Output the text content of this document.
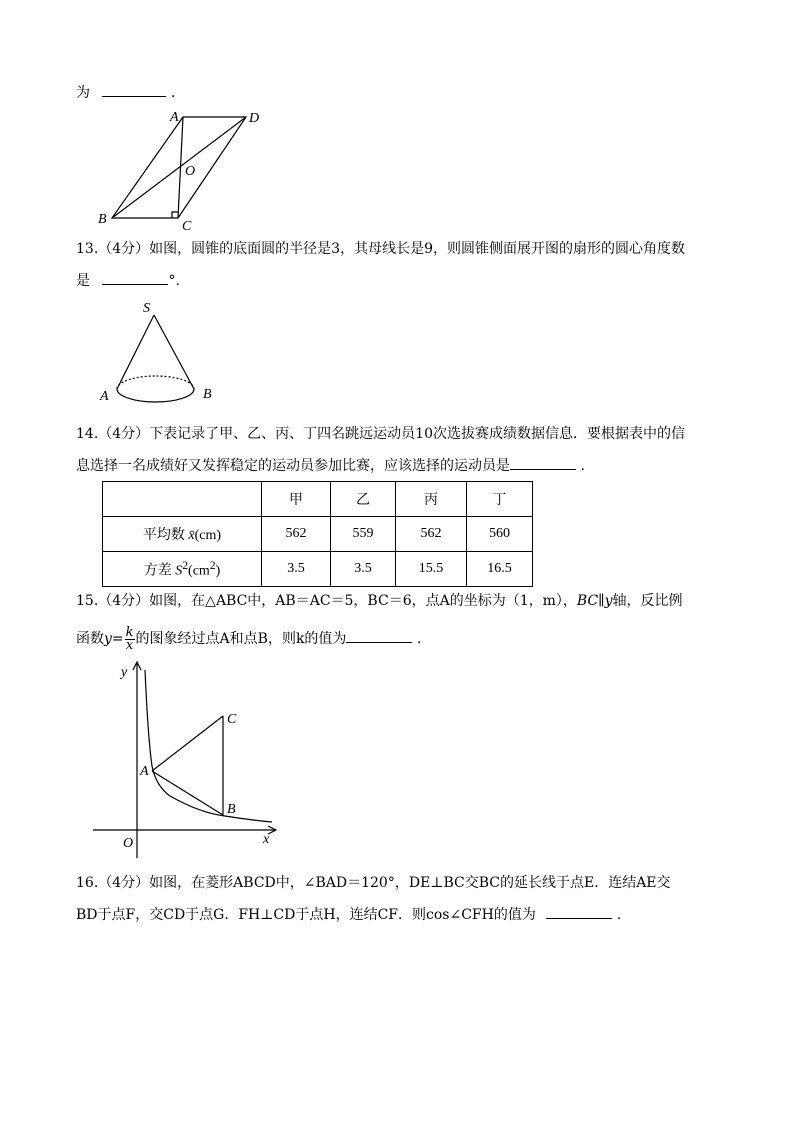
为	.
A	D
O
B	C
13.（4分）如图，圆锥的底面圆的半径是3，其母线长是9，则圆锥侧面展开图的扇形的圆心角度数
是	°.
S
A	B
14.（4分）下表记录了甲、乙、丙、丁四名跳远运动员10次选拔赛成绩数据信息．要根据表中的信
息选择一名成绩好又发挥稳定的运动员参加比赛，应该选择的运动员是	.
	甲	乙	丙	丁
平均数 x̄(cm)	562	559	562	560
方差 $S^2(cm^2)$	3.5	3.5	15.5	16.5
15.（4分）如图，在△ABC中，AB＝AC＝5，BC＝6，点A的坐标为（1，m），BC∥y轴，反比例
函数$y= \frac{k}{x}$ 的图象经过点A和点B，则k的值为	.
y
x
O
A
B
C
16.（4分）如图，在菱形ABCD中，∠BAD＝120°，DE⊥BC交BC的延长线于点E．连结AE交
BD于点F，交CD于点G．FH⊥CD于点H，连结CF．则cos∠CFH的值为	.
